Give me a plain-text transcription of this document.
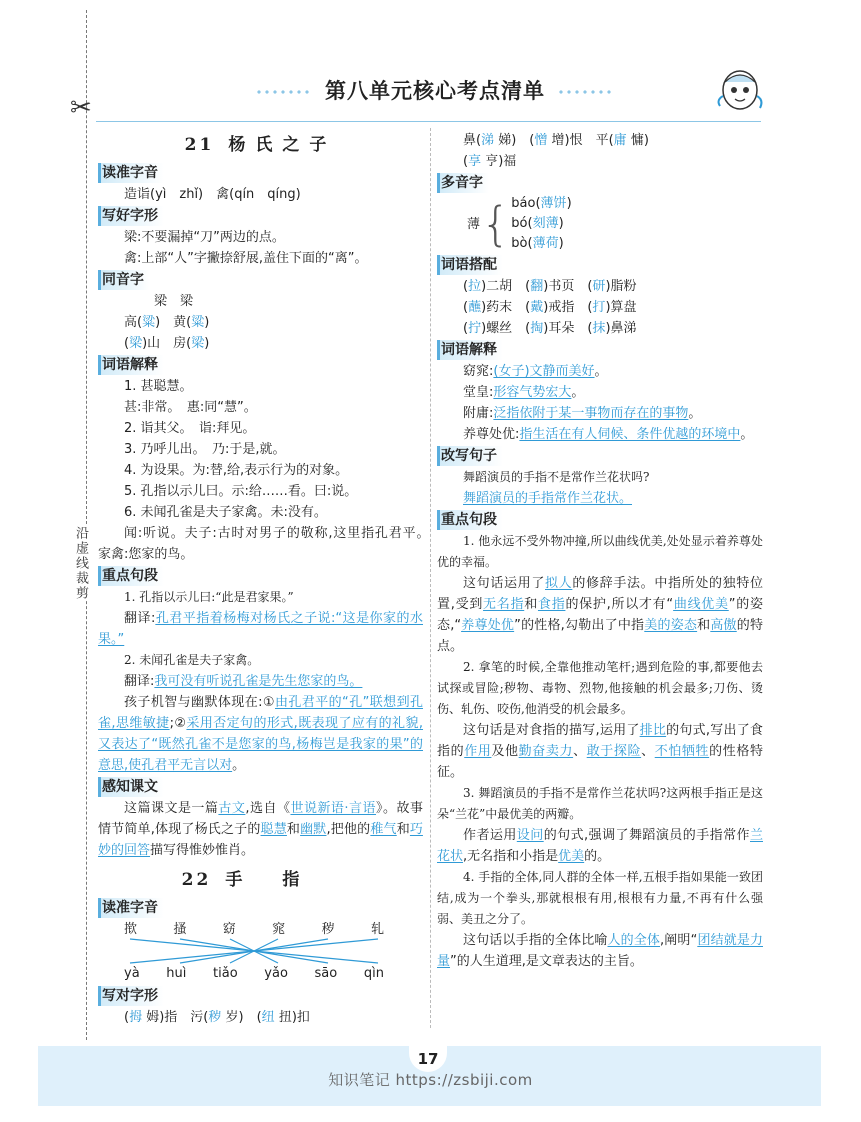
✂
沿虚线裁剪
第八单元核心考点清单
21 杨氏之子
读准字音
造诣(yì　zhǐ)　禽(qín　qíng)
写好字形
梁:不要漏掉“刀”两边的点。
禽:上部“人”字撇捺舒展,盖住下面的“离”。
同音字
梁　梁
高(粱)　黄(粱)
(梁)山　房(梁)
词语解释
1. 甚聪慧。
甚:非常。　惠:同“慧”。
2. 诣其父。　诣:拜见。
3. 乃呼儿出。　乃:于是,就。
4. 为设果。为:替,给,表示行为的对象。
5. 孔指以示儿曰。示:给……看。曰:说。
6. 未闻孔雀是夫子家禽。未:没有。
闻:听说。夫子:古时对男子的敬称,这里指孔君平。　家禽:您家的鸟。
重点句段
1. 孔指以示儿曰:“此是君家果。”
翻译:孔君平指着杨梅对杨氏之子说:“这是你家的水果。”
2. 未闻孔雀是夫子家禽。
翻译:我可没有听说孔雀是先生您家的鸟。
孩子机智与幽默体现在:①由孔君平的“孔”联想到孔雀,思维敏捷;②采用否定句的形式,既表现了应有的礼貌,又表达了“既然孔雀不是您家的鸟,杨梅岂是我家的果”的意思,使孔君平无言以对。
感知课文
这篇课文是一篇古文,选自《世说新语·言语》。故事情节简单,体现了杨氏之子的聪慧和幽默,把他的稚气和巧妙的回答描写得惟妙惟肖。
22 手指
读准字音
揿	搔	窈	窕	秽	轧
yà huì tiǎo yǎo sāo qìn
写对字形
(拇 姆)指　污(秽 岁)　(纽 扭)扣
鼻(涕 娣)　(憎 增)恨　平(庸 慵)
(享 亨)福
多音字
薄 { báo(薄饼)
bó(刻薄)
bò(薄荷)
词语搭配
(拉)二胡　(翻)书页　(研)脂粉
(蘸)药末　(戴)戒指　(打)算盘
(拧)螺丝　(掏)耳朵　(抹)鼻涕
词语解释
窈窕:(女子)文静而美好。
堂皇:形容气势宏大。
附庸:泛指依附于某一事物而存在的事物。
养尊处优:指生活在有人伺候、条件优越的环境中。
改写句子
舞蹈演员的手指不是常作兰花状吗?
舞蹈演员的手指常作兰花状。
重点句段
1. 他永远不受外物冲撞,所以曲线优美,处处显示着养尊处优的幸福。
这句话运用了拟人的修辞手法。中指所处的独特位置,受到无名指和食指的保护,所以才有“曲线优美”的姿态,“养尊处优”的性格,勾勒出了中指美的姿态和高傲的特点。
2. 拿笔的时候,全靠他推动笔杆;遇到危险的事,都要他去试探或冒险;秽物、毒物、烈物,他接触的机会最多;刀伤、烫伤、轧伤、咬伤,他消受的机会最多。
这句话是对食指的描写,运用了排比的句式,写出了食指的作用及他勤奋卖力、敢于探险、不怕牺牲的性格特征。
3. 舞蹈演员的手指不是常作兰花状吗?这两根手指正是这朵“兰花”中最优美的两瓣。
作者运用设问的句式,强调了舞蹈演员的手指常作兰花状,无名指和小指是优美的。
4. 手指的全体,同人群的全体一样,五根手指如果能一致团结,成为一个拳头,那就根根有用,根根有力量,不再有什么强弱、美丑之分了。
这句话以手指的全体比喻人的全体,阐明“团结就是力量”的人生道理,是文章表达的主旨。
17
知识笔记 https://zsbiji.com
